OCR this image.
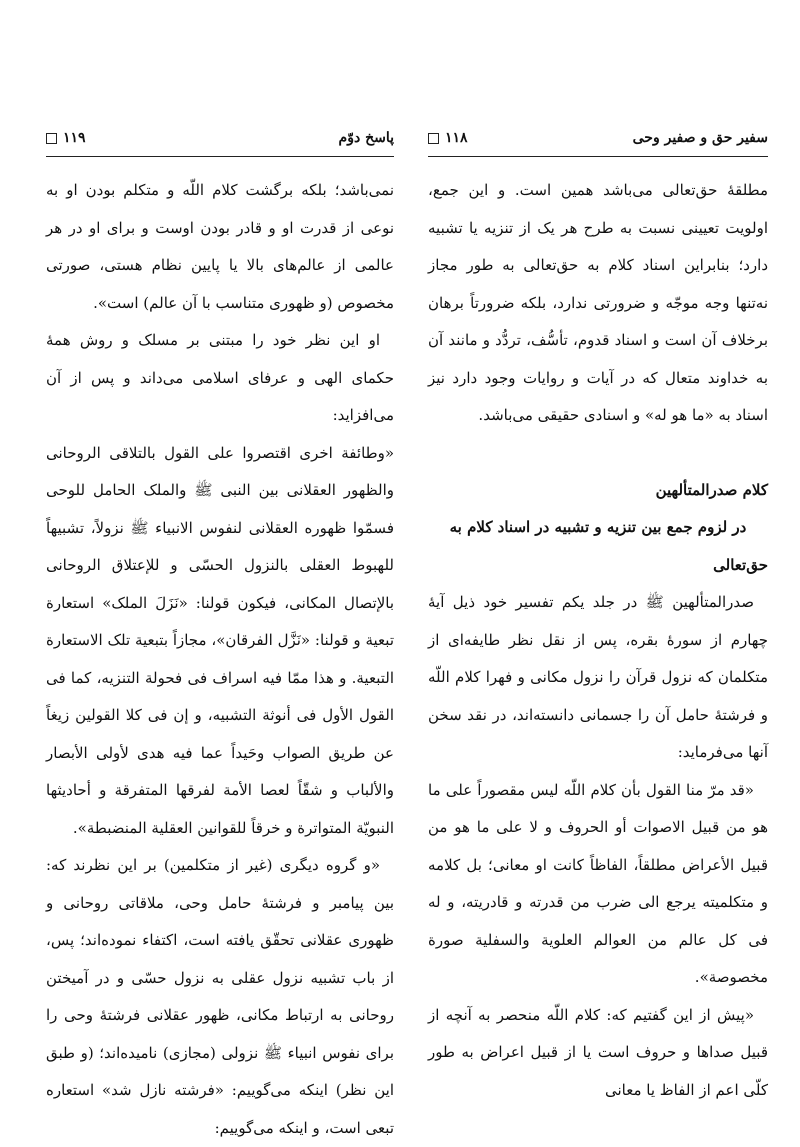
پاسخ دوّم
۱۱۹

نمی‌باشد؛ بلکه برگشت کلام اللّه و متکلم بودن او به نوعی از قدرت او و قادر بودن اوست و برای او در هر عالمی از عالم‌های بالا یا پایین نظام هستی، صورتی مخصوص (و ظهوری متناسب با آن عالم) است».

او این نظر خود را مبتنی بر مسلک و روش همهٔ حکمای الهی و عرفای اسلامی می‌داند و پس از آن می‌افزاید:

«وطائفة اخری اقتصروا علی القول بالتلاقی الروحانی والظهور العقلانی بین النبی ﷺ والملک الحامل للوحی فسمّوا ظهوره العقلانی لنفوس الانبیاء ﷺ نزولاً، تشبیهاً للهبوط العقلی بالنزول الحسّی و للإعتلاق الروحانی بالإتصال المکانی، فیکون قولنا: «نَزَلَ الملک» استعارة تبعیة و قولنا: «نَزَّل الفرقان»، مجازاً بتبعیة تلک الاستعارة التبعیة. و هذا ممّا فیه اسراف فی فحولة التنزیه، کما فی القول الأول فی أنوثة التشبیه، و إن فی کلا القولین زیغاً عن طریق الصواب وحَیداً عما فیه هدی لأولی الأبصار والألباب و شقّاً لعصا الأمة لفرقها المتفرقة و أحادیثها النبویّة المتواترة و خرقاً للقوانین العقلیة المنضبطة».

«و گروه دیگری (غیر از متکلمین) بر این نظرند که: بین پیامبر و فرشتهٔ حامل وحی، ملاقاتی روحانی و ظهوری عقلانی تحقّق یافته است، اکتفاء نموده‌اند؛ پس، از باب تشبیه نزول عقلی به نزول حسّی و در آمیختن روحانی به ارتباط مکانی، ظهور عقلانی فرشتهٔ وحی را برای نفوس انبیاء ﷺ نزولی (مجازی) نامیده‌اند؛ (و طبق این نظر) اینکه می‌گوییم: «فرشته نازل شد» استعاره تبعی است، و اینکه می‌گوییم:

سفیر حق و صفیر وحی
۱۱۸

مطلقهٔ حق‌تعالی می‌باشد همین است. و این جمع، اولویت تعیینی نسبت به طرح هر یک از تنزیه یا تشبیه دارد؛ بنابراین اسناد کلام به حق‌تعالی به طور مجاز نه‌تنها وجه موجّه و ضرورتی ندارد، بلکه ضرورتاً برهان برخلاف آن است و اسناد قدوم، تأسُّف، تردُّد و مانند آن به خداوند متعال که در آیات و روایات وجود دارد نیز اسناد به «ما هو له» و اسنادی حقیقی می‌باشد.

کلام صدرالمتألهین
در لزوم جمع بین تنزیه و تشبیه در اسناد کلام به حق‌تعالی

صدرالمتألهین ﷺ در جلد یکم تفسیر خود ذیل آیهٔ چهارم از سورهٔ بقره، پس از نقل نظر طایفه‌ای از متکلمان که نزول قرآن را نزول مکانی و فهرا کلام اللّه و فرشتهٔ حامل آن را جسمانی دانسته‌اند، در نقد سخن آنها می‌فرماید:

«قد مرّ منا القول بأن کلام اللّه لیس مقصوراً علی ما هو من قبیل الاصوات أو الحروف و لا علی ما هو من قبیل الأعراض مطلقاً، الفاظاً کانت او معانی؛ بل کلامه و متکلمیته یرجع الی ضرب من قدرته و قادریته، و له فی کل عالم من العوالم العلویة والسفلیة صورة مخصوصة».

«پیش از این گفتیم که: کلام اللّه منحصر به آنچه از قبیل صداها و حروف است یا از قبیل اعراض به طور کلّی اعم از الفاظ یا معانی
